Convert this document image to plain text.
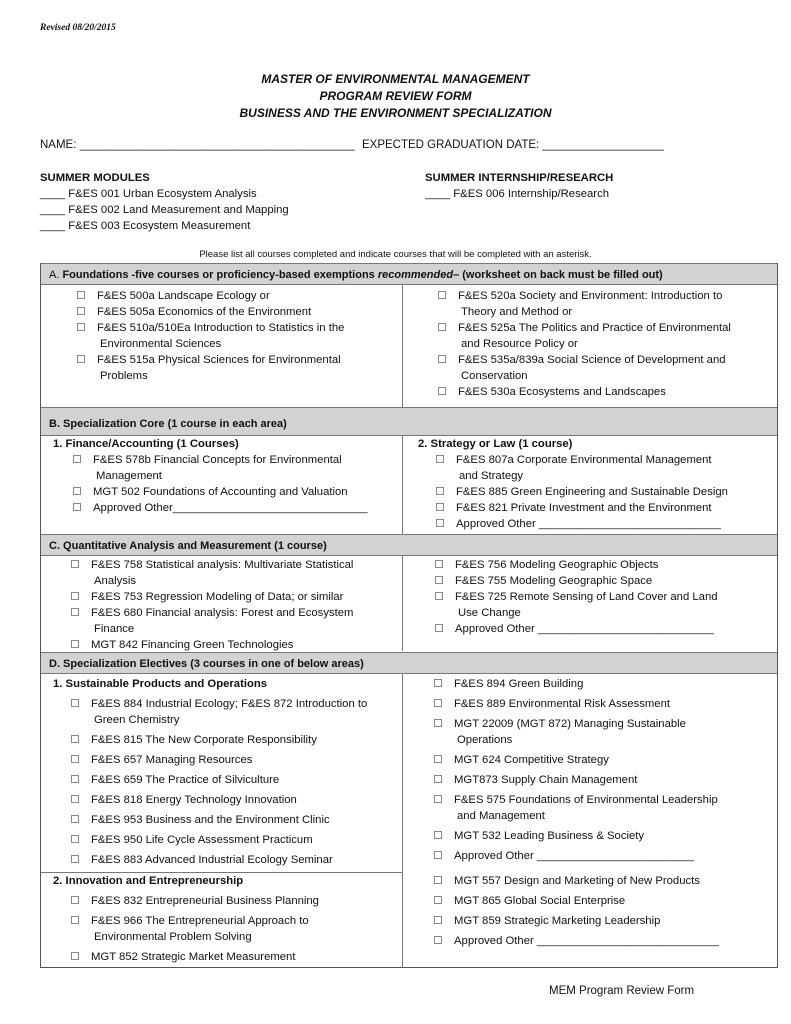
Revised 08/20/2015
MASTER OF ENVIRONMENTAL MANAGEMENT
PROGRAM REVIEW FORM
BUSINESS AND THE ENVIRONMENT SPECIALIZATION
NAME: ___________________________________________ EXPECTED GRADUATION DATE: ___________________
SUMMER MODULES
____ F&ES 001 Urban Ecosystem Analysis
____ F&ES 002 Land Measurement and Mapping
____ F&ES 003 Ecosystem Measurement
SUMMER INTERNSHIP/RESEARCH
____ F&ES 006 Internship/Research
Please list all courses completed and indicate courses that will be completed with an asterisk.
A. Foundations -five courses or proficiency-based exemptions recommended– (worksheet on back must be filled out)
F&ES 500a Landscape Ecology or
F&ES 505a Economics of the Environment
F&ES 510a/510Ea Introduction to Statistics in the
Environmental Sciences
F&ES 515a Physical Sciences for Environmental
Problems
F&ES 520a Society and Environment: Introduction to
Theory and Method or
F&ES 525a The Politics and Practice of Environmental
and Resource Policy or
F&ES 535a/839a Social Science of Development and
Conservation
F&ES 530a Ecosystems and Landscapes
B. Specialization Core (1 course in each area)
1. Finance/Accounting (1 Courses)
F&ES 578b Financial Concepts for Environmental
Management
MGT 502 Foundations of Accounting and Valuation
Approved Other_______________________________
2. Strategy or Law (1 course)
F&ES 807a Corporate Environmental Management
and Strategy
F&ES 885 Green Engineering and Sustainable Design
F&ES 821 Private Investment and the Environment
Approved Other _____________________________
C. Quantitative Analysis and Measurement (1 course)
F&ES 758 Statistical analysis: Multivariate Statistical
Analysis
F&ES 753 Regression Modeling of Data; or similar
F&ES 680 Financial analysis: Forest and Ecosystem
Finance
MGT 842 Financing Green Technologies
F&ES 756 Modeling Geographic Objects
F&ES 755 Modeling Geographic Space
F&ES 725 Remote Sensing of Land Cover and Land
Use Change
Approved Other ____________________________
D. Specialization Electives (3 courses in one of below areas)
1. Sustainable Products and Operations
F&ES 884 Industrial Ecology; F&ES 872 Introduction to
Green Chemistry
F&ES 815 The New Corporate Responsibility
F&ES 657 Managing Resources
F&ES 659 The Practice of Silviculture
F&ES 818 Energy Technology Innovation
F&ES 953 Business and the Environment Clinic
F&ES 950 Life Cycle Assessment Practicum
F&ES 883 Advanced Industrial Ecology Seminar
F&ES 894 Green Building
F&ES 889 Environmental Risk Assessment
MGT 22009 (MGT 872) Managing Sustainable
Operations
MGT 624 Competitive Strategy
MGT873 Supply Chain Management
F&ES 575 Foundations of Environmental Leadership
and Management
MGT 532 Leading Business & Society
Approved Other _________________________
2. Innovation and Entrepreneurship
F&ES 832 Entrepreneurial Business Planning
F&ES 966 The Entrepreneurial Approach to
Environmental Problem Solving
MGT 852 Strategic Market Measurement
MGT 557 Design and Marketing of New Products
MGT 865 Global Social Enterprise
MGT 859 Strategic Marketing Leadership
Approved Other _____________________________
MEM Program Review Form
